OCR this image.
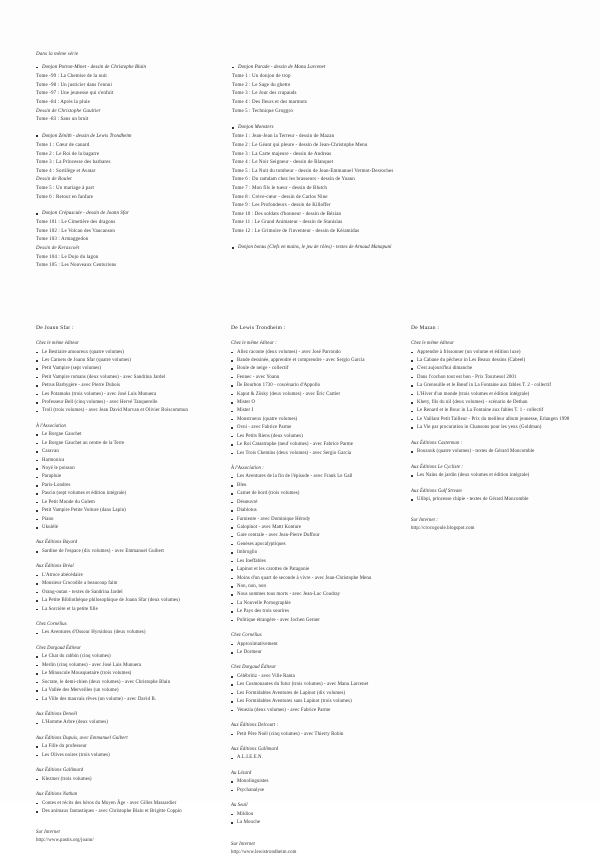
Dans la même série
Donjon Potron-Minet - dessin de Christophe Blain
Tome -99 : La Chemise de la nuit
Tome -98 : Un justicier dans l'ennui
Tome -97 : Une jeunesse qui s'enfuit
Tome -84 : Après la pluie
Dessin de Christophe Gaultier
Tome -83 : Sans un bruit
Donjon Zénith - dessin de Lewis Trondheim
Tome 1 : Cœur de canard
Tome 2 : Le Roi de la bagarre
Tome 3 : La Princesse des barbares
Tome 4 : Sortilège et Avatar
Dessin de Boulet
Tome 5 : Un mariage à part
Tome 6 : Retour en fanfare
Donjon Crépuscule - dessin de Joann Sfar
Tome 101 : Le Cimetière des dragons
Tome 102 : Le Volcan des Vaucanson
Tome 103 : Armaggedon
Dessin de Kerascoët
Tome 104 : Le Dojo du lagon
Tome 105 : Les Nouveaux Centurions
Donjon Parade - dessin de Manu Larcenet
Tome 1 : Un donjon de trop
Tome 2 : Le Sage du ghetto
Tome 3 : Le Jour des crapauds
Tome 4 : Des fleurs et des marmots
Tome 5 : Technique Groggro
Donjon Monsters
Tome 1 : Jean-Jean la Terreur - dessin de Mazan
Tome 2 : Le Géant qui pleure - dessin de Jean-Christophe Menu
Tome 3 : La Carte majeure - dessin de Andreas
Tome 4 : Le Noir Seigneur - dessin de Blanquet
Tome 5 : La Nuit du tombeur - dessin de Jean-Emmanuel Vermot-Desroches
Tome 6 : Du ramdam chez les brasseurs - dessin de Yoann
Tome 7 : Mon fils le tueur - dessin de Blutch
Tome 8 : Crève-cœur - dessin de Carlos Nine
Tome 9 : Les Profondeurs - dessin de Killoffer
Tome 10 : Des soldats d'honneur - dessin de Bézian
Tome 11 : Le Grand Animateur - dessin de Stanislas
Tome 12 : Le Grimoire de l'inventeur - dessin de Kéramidas
Donjon bonus (Clefs en mains, le jeu de rôles) - textes de Arnaud Manapuni
De Joann Sfar :
Chez le même éditeur
Le Bestiaire amoureux (quatre volumes)
Les Carnets de Joann Sfar (quatre volumes)
Petit Vampire (sept volumes)
Petit Vampire romans (deux volumes) - avec Sandrina Jardel
Petrus Barbygère - avec Pierre Dubois
Les Potamoks (trois volumes) - avec José Luis Munuera
Professeur Bell (cinq volumes) - avec Hervé Tanquerelle
Troll (trois volumes) - avec Jean David Morvan et Olivier Boiscommun
À l'Association
Le Borgne Gauchet
Le Borgne Gauchet au centre de la Terre
Caravan
Harmonica
Noyé le poisson
Parapluie
Paris-Londres
Pascin (sept volumes et édition intégrale)
Le Petit Monde du Golem
Petit Vampire Petite Voiture (dans Lapin)
Piano
Ukulélé
Aux Éditions Bayard
Sardine de l'espace (dix volumes) - avec Emmanuel Guibert
Aux Éditions Bréal
L'Atroce abécédaire
Monsieur Crocodile a beaucoup faim
Orang-outan - textes de Sandrina Jardel
La Petite Bibliothèque philosophique de Joann Sfar (deux volumes)
La Sorcière et la petite fille
Chez Cornélius
Les Aventures d'Ossour Hyrsidoux (deux volumes)
Chez Dargaud Éditeur
Le Chat du rabbin (cinq volumes)
Merlin (cinq volumes) - avec José Luis Munuera
Le Minuscule Mousquetaire (trois volumes)
Socrate, le demi-chien (deux volumes) - avec Christophe Blain
La Vallée des Merveilles (un volume)
La Ville des mauvais rêves (un volume) - avec David B.
Aux Éditions Denoël
L'Homme Arbre (deux volumes)
Aux Éditions Dupuis, avec Emmanuel Guibert
La Fille du professeur
Les Olives noires (trois volumes)
Aux Éditions Gallimard
Klezmer (trois volumes)
Aux Éditions Nathan
Contes et récits des héros du Moyen Âge - avec Gilles Massardier
Des animaux fantastiques - avec Christophe Blain et Brigitte Coppin
Sur Internet
http://www.pastis.org/joann/
De Lewis Trondheim :
Chez le même éditeur :
Allez raconte (deux volumes) - avec José Parrondo
Bande dessinée, apprendre et comprendre - avec Sergio Garcia
Boule de neige - collectif
Fennec - avec Yoann
Île Bourbon 1730 - coscénario d'Appollo
Kaput & Zösky (deux volumes) - avec Éric Cartier
Mister O
Mister I
Monstrueux (quatre volumes)
Ovni - avec Fabrice Parme
Les Petits Riens (deux volumes)
Le Roi Catastrophe (neuf volumes) - avec Fabrice Parme
Les Trois Chemins (deux volumes) - avec Sergio Garcia
À l'Association :
Les Aventures de la fin de l'épisode - avec Frank Le Gall
Bleu
Carnet de bord (trois volumes)
Désœuvré
Diablotus
Farniente - avec Dominique Hérody
Galopinot - avec Mattt Konture
Gare centrale - avec Jean-Pierre Duffour
Genèses apocalyptiques
Imbroglio
Les Ineffables
Lapinot et les carottes de Patagonie
Moins d'un quart de seconde à vivre - avec Jean-Christophe Menu
Non, non, non
Nous sommes tous morts - avec Jean-Luc Coudray
La Nouvelle Pornographie
Le Pays des trois sourires
Politique étrangère - avec Jochen Gerner
Chez Cornélius
Approximativement
Le Dormeur
Chez Dargaud Éditeur
Célébritiz - avec Ville Ranta
Les Cosmonautes du futur (trois volumes) - avec Manu Larcenet
Les Formidables Aventures de Lapinot (dix volumes)
Les Formidables Aventures sans Lapinot (trois volumes)
Venezia (deux volumes) - avec Fabrice Parme
Aux Éditions Delcourt :
Petit Père Noël (cinq volumes) - avec Thierry Robin
Aux Éditions Gallimard
A.L.I.E.E.N.
Au Lézard
Monolinguistes
Psychanalyse
Au Seuil
Mildiou
La Mouche
Sur Internet
http://www.lewistrondheim.com
De Mazan :
Chez le même éditeur
Apprendre à frissonner (un volume et édition luxe)
La Cabane du pêcheur in Les Beaux dessins (Cabeel)
C'est aujourd'hui dimanche
Dans l'cochon tout est bon - Prix Tournesol 2001
La Grenouille et le Bœuf in La Fontaine aux fables T. 2 - collectif
L'Hiver d'un monde (trois volumes et édition intégrale)
Khety, fils du nil (deux volumes) - scénario de Dethan
Le Renard et le Bouc in La Fontaine aux fables T. 1 - collectif
Le Vaillant Petit Tailleur - Prix du meilleur album jeunesse, Erlangen 1998
La Vie par procuration in Chansons pour les yeux (Goldman)
Aux Éditions Casterman :
Bouzouk (quatre volumes) - textes de Gérard Moncomble
Aux Éditions Le Cycliste :
Les Nains de jardin (deux volumes et édition intégrale)
Aux Éditions Gulf Stream
Ulibpi, princesse chipie - textes de Gérard Moncomble
Sur Internet :
http://crocogoule.blogspot.com
